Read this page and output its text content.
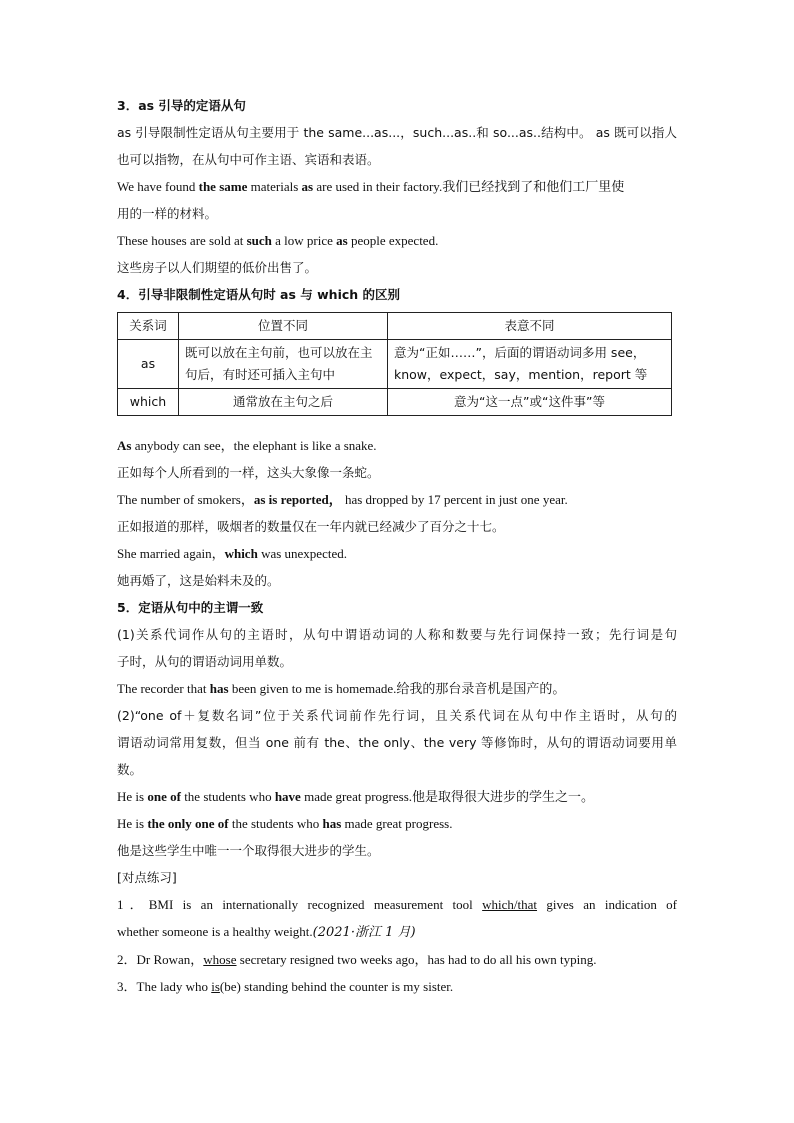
3．as 引导的定语从句

as 引导限制性定语从句主要用于 the same...as...，such...as..和 so...as..结构中。 as 既可以指人

也可以指物，在从句中可作主语、宾语和表语。

We have found the same materials as are used in their factory.我们已经找到了和他们工厂里使

用的一样的材料。

These houses are sold at such a low price as people expected.

这些房子以人们期望的低价出售了。

4．引导非限制性定语从句时 as 与 which 的区别

关系词	位置不同	表意不同
as	既可以放在主句前，也可以放在主句后，有时还可插入主句中	意为“正如……”，后面的谓语动词多用 see，know，expect，say，mention，report 等
which	通常放在主句之后	意为“这一点”或“这件事”等

As anybody can see，the elephant is like a snake.

正如每个人所看到的一样，这头大象像一条蛇。

The number of smokers，as is reported， has dropped by 17 percent in just one year.

正如报道的那样，吸烟者的数量仅在一年内就已经减少了百分之十七。

She married again，which was unexpected.

她再婚了，这是始料未及的。

5．定语从句中的主谓一致

(1)关系代词作从句的主语时，从句中谓语动词的人称和数要与先行词保持一致；先行词是句

子时，从句的谓语动词用单数。

The recorder that has been given to me is homemade.给我的那台录音机是国产的。

(2)“one of＋复数名词”位于关系代词前作先行词，且关系代词在从句中作主语时，从句的

谓语动词常用复数，但当 one 前有 the、the only、the very 等修饰时，从句的谓语动词要用单

数。

He is one of the students who have made great progress.他是取得很大进步的学生之一。

He is the only one of the students who has made great progress.

他是这些学生中唯一一个取得很大进步的学生。

[对点练习]

1．BMI is an internationally recognized measurement tool which/that gives an indication of

whether someone is a healthy weight.(2021·浙江 1 月)

2．Dr Rowan，whose secretary resigned two weeks ago，has had to do all his own typing.

3．The lady who is(be) standing behind the counter is my sister.
